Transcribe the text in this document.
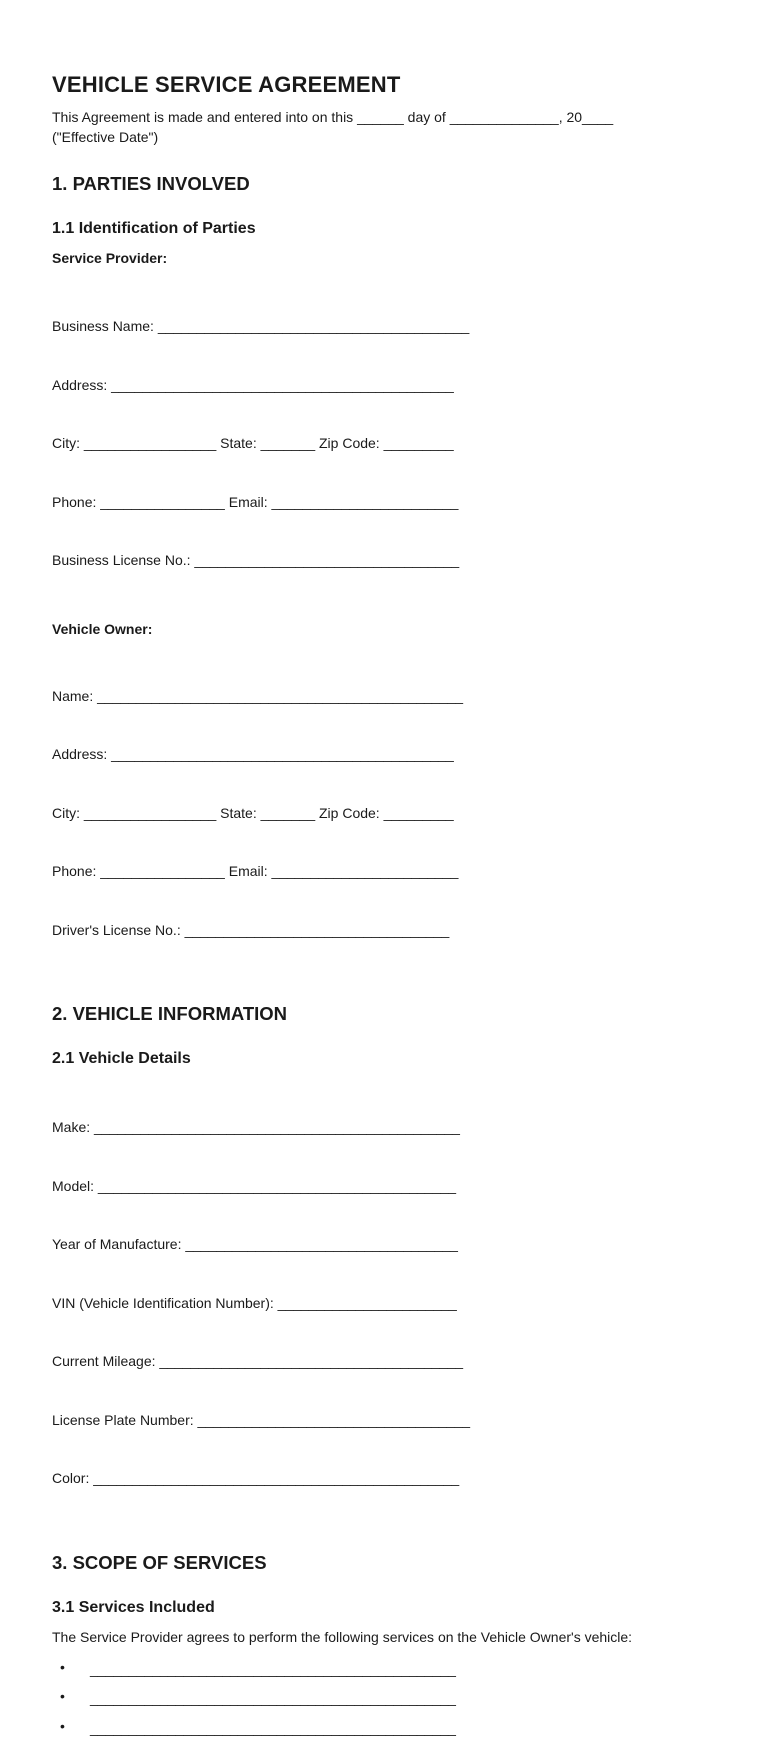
VEHICLE SERVICE AGREEMENT
This Agreement is made and entered into on this ______ day of ______________, 20____
("Effective Date")
1. PARTIES INVOLVED
1.1 Identification of Parties

Service Provider:

Business Name: ________________________________________

Address: ____________________________________________

City: _________________ State: _______ Zip Code: _________

Phone: ________________ Email: ________________________

Business License No.: __________________________________

Vehicle Owner:

Name: _______________________________________________

Address: ____________________________________________

City: _________________ State: _______ Zip Code: _________

Phone: ________________ Email: ________________________

Driver's License No.: __________________________________

2. VEHICLE INFORMATION
2.1 Vehicle Details

Make: _______________________________________________

Model: ______________________________________________

Year of Manufacture: ___________________________________

VIN (Vehicle Identification Number): _______________________

Current Mileage: _______________________________________

License Plate Number: ___________________________________

Color: _______________________________________________

3. SCOPE OF SERVICES
3.1 Services Included

The Service Provider agrees to perform the following services on the Vehicle Owner's vehicle:

• _______________________________________________
• _______________________________________________
• _______________________________________________
